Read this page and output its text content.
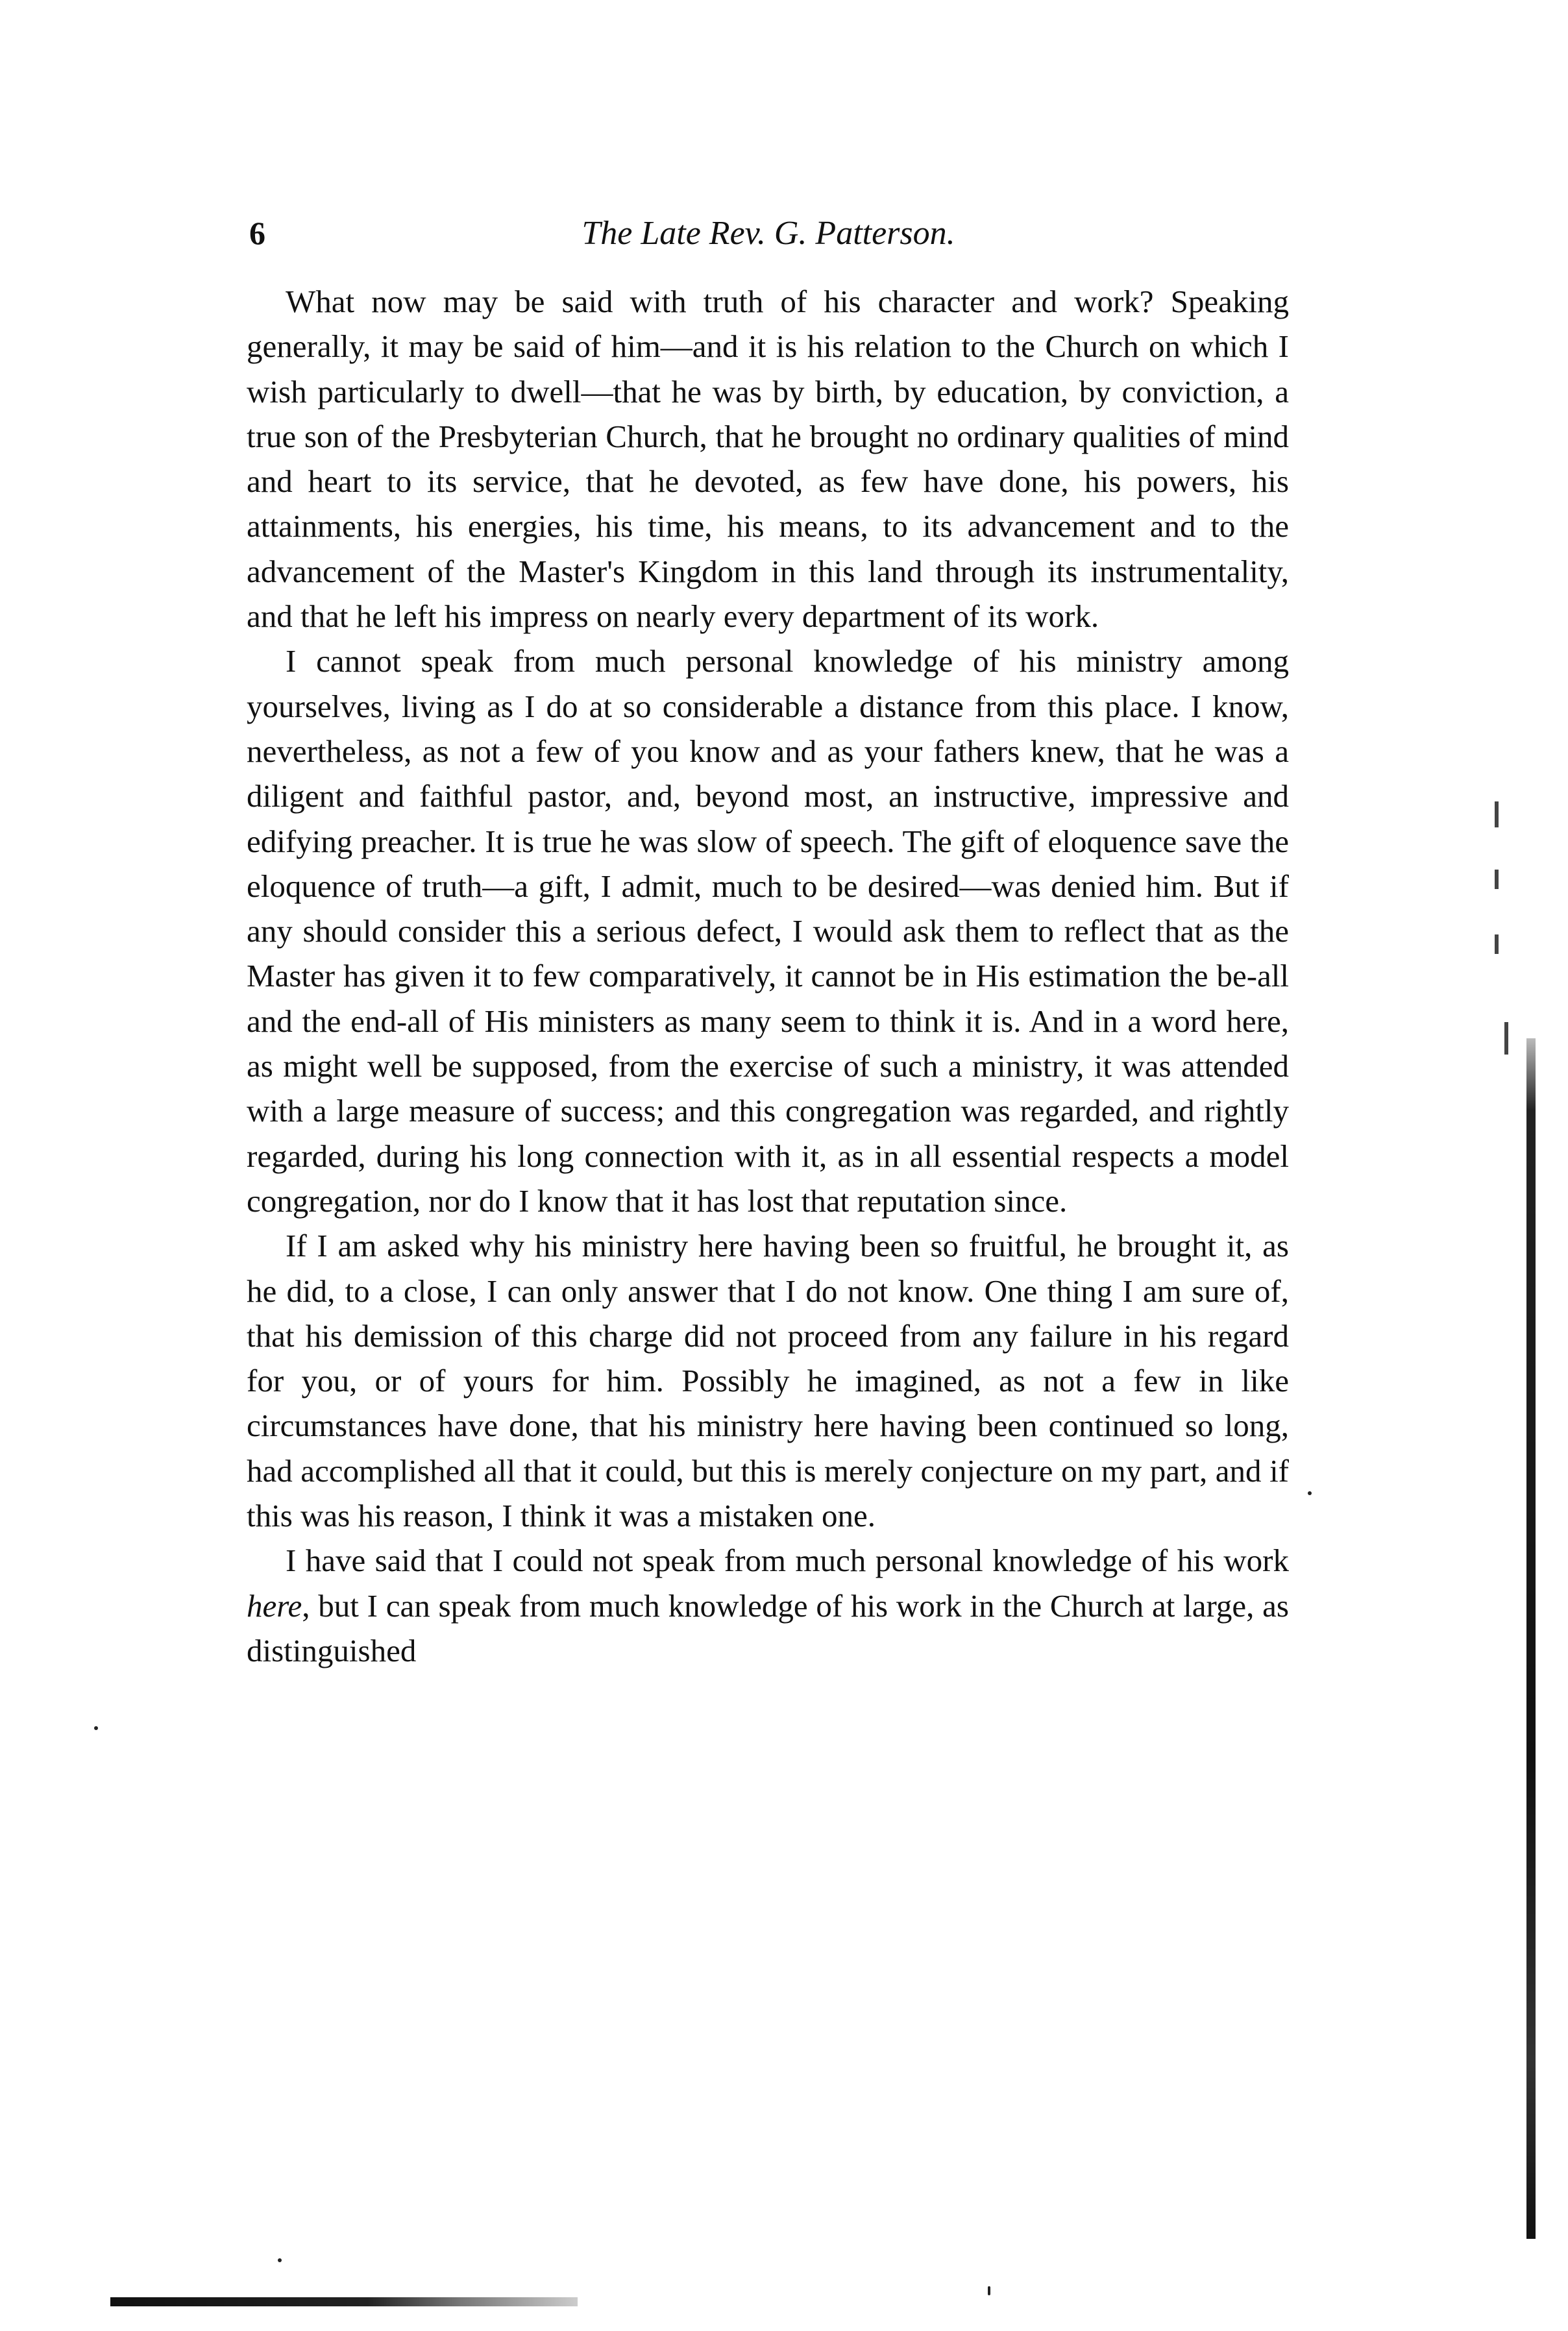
6	The Late Rev. G. Patterson.

What now may be said with truth of his character and work? Speaking generally, it may be said of him—and it is his relation to the Church on which I wish particularly to dwell—that he was by birth, by education, by conviction, a true son of the Presbyterian Church, that he brought no ordinary qualities of mind and heart to its service, that he devoted, as few have done, his powers, his attainments, his energies, his time, his means, to its advancement and to the advancement of the Master's Kingdom in this land through its instrumentality, and that he left his impress on nearly every department of its work.

I cannot speak from much personal knowledge of his ministry among yourselves, living as I do at so considerable a distance from this place. I know, nevertheless, as not a few of you know and as your fathers knew, that he was a diligent and faithful pastor, and, beyond most, an instructive, impressive and edifying preacher. It is true he was slow of speech. The gift of eloquence save the eloquence of truth—a gift, I admit, much to be desired—was denied him. But if any should consider this a serious defect, I would ask them to reflect that as the Master has given it to few comparatively, it cannot be in His estimation the be-all and the end-all of His ministers as many seem to think it is. And in a word here, as might well be supposed, from the exercise of such a ministry, it was attended with a large measure of success; and this congregation was regarded, and rightly regarded, during his long connection with it, as in all essential respects a model congregation, nor do I know that it has lost that reputation since.

If I am asked why his ministry here having been so fruitful, he brought it, as he did, to a close, I can only answer that I do not know. One thing I am sure of, that his demission of this charge did not proceed from any failure in his regard for you, or of yours for him. Possibly he imagined, as not a few in like circumstances have done, that his ministry here having been continued so long, had accomplished all that it could, but this is merely conjecture on my part, and if this was his reason, I think it was a mistaken one.

I have said that I could not speak from much personal knowledge of his work here, but I can speak from much knowledge of his work in the Church at large, as distinguished
